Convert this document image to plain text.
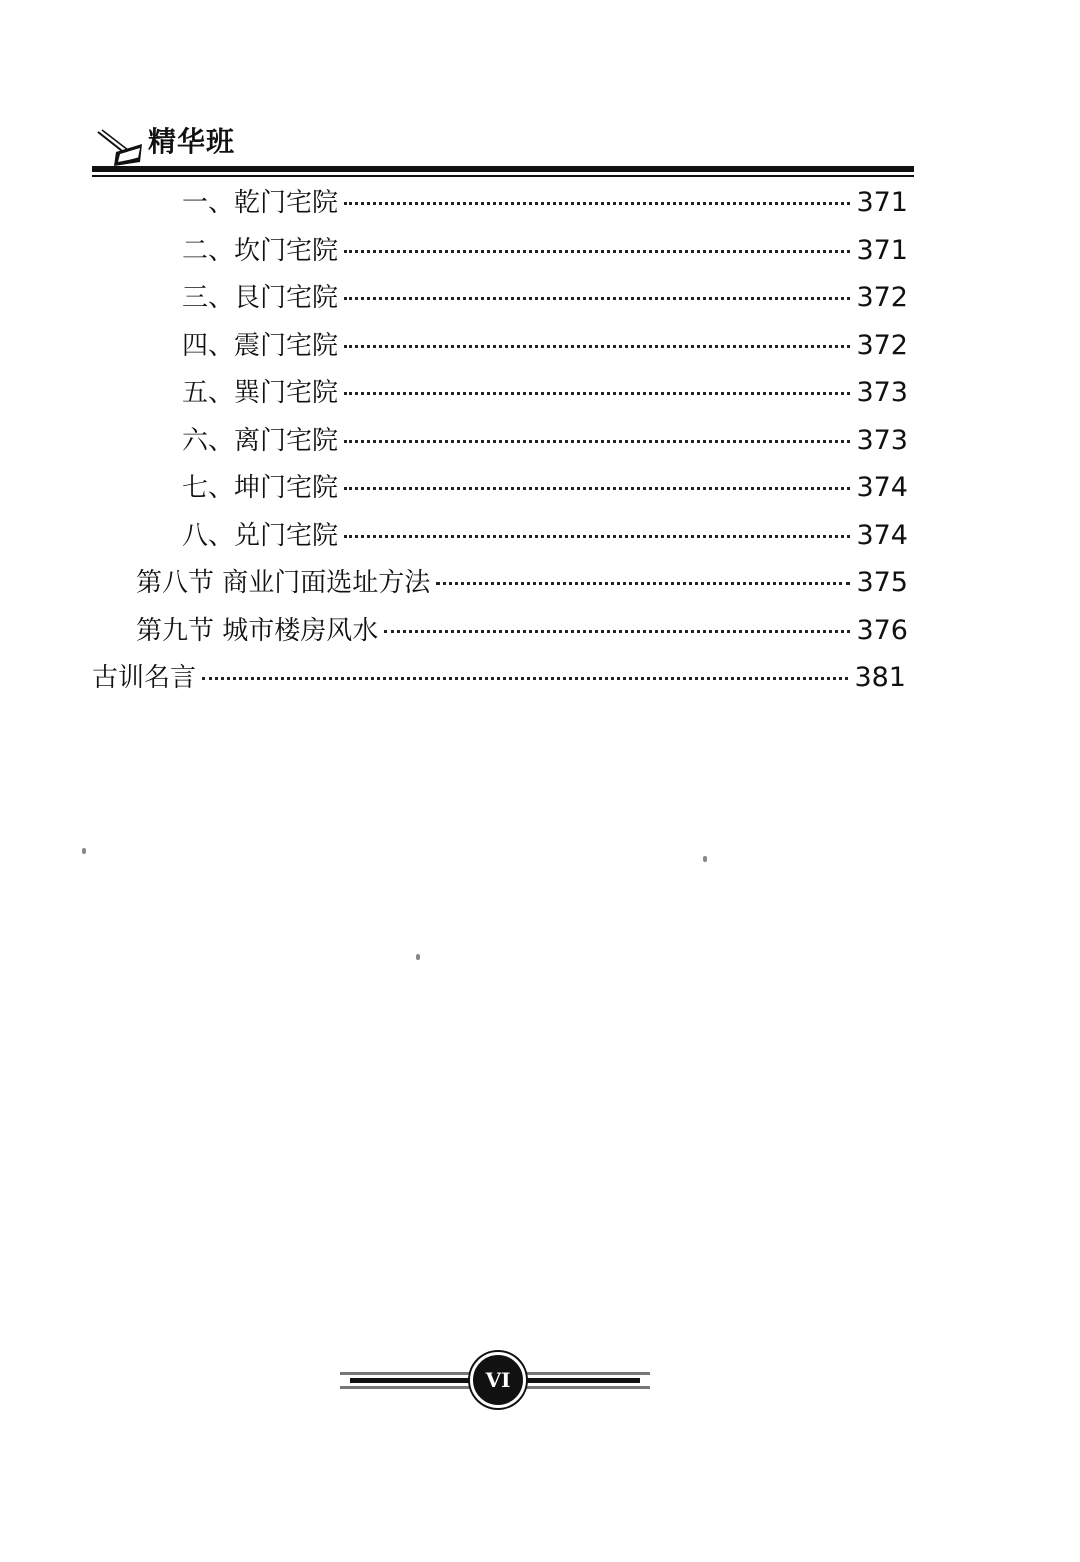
精华班
一、乾门宅院	371
二、坎门宅院	371
三、艮门宅院	372
四、震门宅院	372
五、巽门宅院	373
六、离门宅院	373
七、坤门宅院	374
八、兑门宅院	374
第八节 商业门面选址方法	375
第九节 城市楼房风水	376
古训名言	381
VI
